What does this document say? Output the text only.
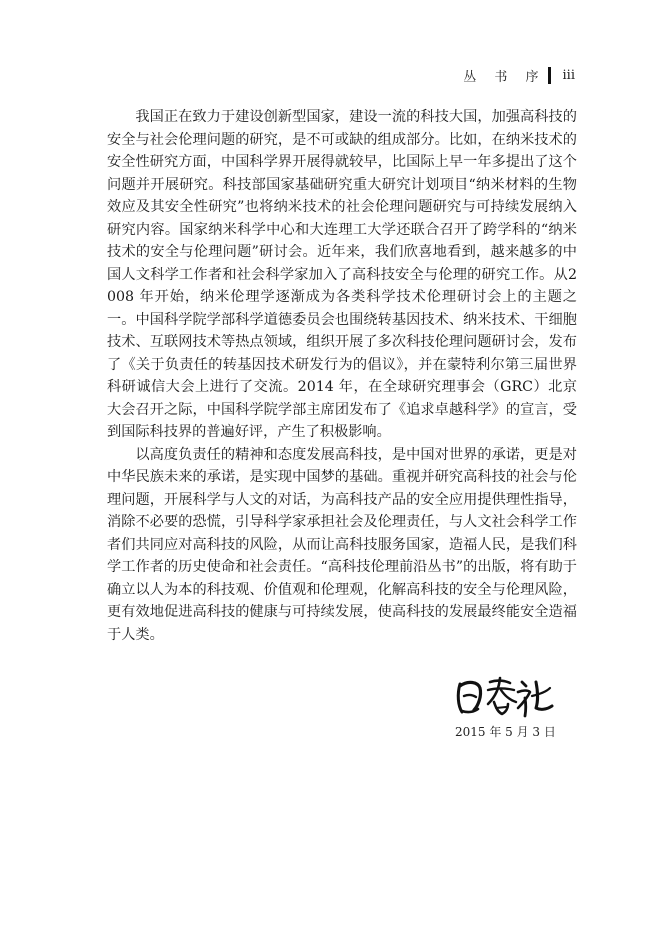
丛 书 序 iii

我国正在致力于建设创新型国家，建设一流的科技大国，加强高科技的安全与社会伦理问题的研究，是不可或缺的组成部分。比如，在纳米技术的安全性研究方面，中国科学界开展得就较早，比国际上早一年多提出了这个问题并开展研究。科技部国家基础研究重大研究计划项目“纳米材料的生物效应及其安全性研究”也将纳米技术的社会伦理问题研究与可持续发展纳入研究内容。国家纳米科学中心和大连理工大学还联合召开了跨学科的“纳米技术的安全与伦理问题”研讨会。近年来，我们欣喜地看到，越来越多的中国人文科学工作者和社会科学家加入了高科技安全与伦理的研究工作。从2008 年开始，纳米伦理学逐渐成为各类科学技术伦理研讨会上的主题之一。中国科学院学部科学道德委员会也围绕转基因技术、纳米技术、干细胞技术、互联网技术等热点领域，组织开展了多次科技伦理问题研讨会，发布了《关于负责任的转基因技术研发行为的倡议》，并在蒙特利尔第三届世界科研诚信大会上进行了交流。2014 年，在全球研究理事会（GRC）北京大会召开之际，中国科学院学部主席团发布了《追求卓越科学》的宣言，受到国际科技界的普遍好评，产生了积极影响。

以高度负责任的精神和态度发展高科技，是中国对世界的承诺，更是对中华民族未来的承诺，是实现中国梦的基础。重视并研究高科技的社会与伦理问题，开展科学与人文的对话，为高科技产品的安全应用提供理性指导，消除不必要的恐慌，引导科学家承担社会及伦理责任，与人文社会科学工作者们共同应对高科技的风险，从而让高科技服务国家，造福人民，是我们科学工作者的历史使命和社会责任。“高科技伦理前沿丛书”的出版，将有助于确立以人为本的科技观、价值观和伦理观，化解高科技的安全与伦理风险，更有效地促进高科技的健康与可持续发展，使高科技的发展最终能安全造福于人类。

2015 年 5 月 3 日
